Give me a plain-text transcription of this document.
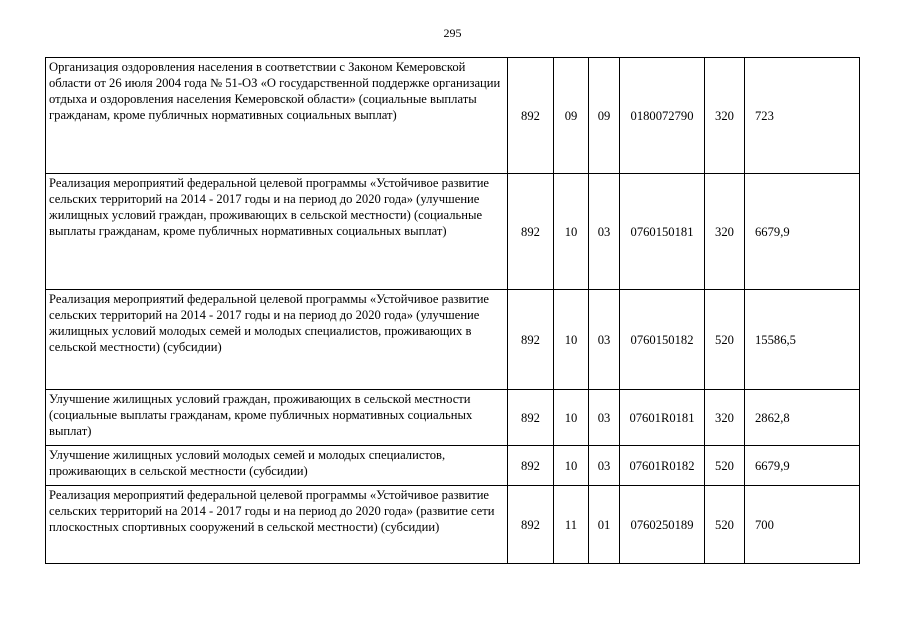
295
Организация оздоровления населения в соответствии с Законом Кемеровской области от 26 июля 2004 года № 51-ОЗ «О государственной поддержке организации отдыха и оздоровления населения Кемеровской области» (социальные выплаты гражданам, кроме публичных нормативных социальных выплат)	892	09	09	0180072790	320	723
Реализация мероприятий федеральной целевой программы «Устойчивое развитие сельских территорий на 2014 - 2017 годы и на период до 2020 года» (улучшение жилищных условий граждан, проживающих в сельской местности) (социальные выплаты гражданам, кроме публичных нормативных социальных выплат)	892	10	03	0760150181	320	6679,9
Реализация мероприятий федеральной целевой программы «Устойчивое развитие сельских территорий на 2014 - 2017 годы и на период до 2020 года» (улучшение жилищных условий молодых семей и молодых специалистов, проживающих в сельской местности) (субсидии)	892	10	03	0760150182	520	15586,5
Улучшение жилищных условий граждан, проживающих в сельской местности (социальные выплаты гражданам, кроме публичных нормативных социальных выплат)	892	10	03	07601R0181	320	2862,8
Улучшение жилищных условий молодых семей и молодых специалистов, проживающих в сельской местности (субсидии)	892	10	03	07601R0182	520	6679,9
Реализация мероприятий федеральной целевой программы «Устойчивое развитие сельских территорий на 2014 - 2017 годы и на период до 2020 года» (развитие сети плоскостных спортивных сооружений в сельской местности) (субсидии)	892	11	01	0760250189	520	700
